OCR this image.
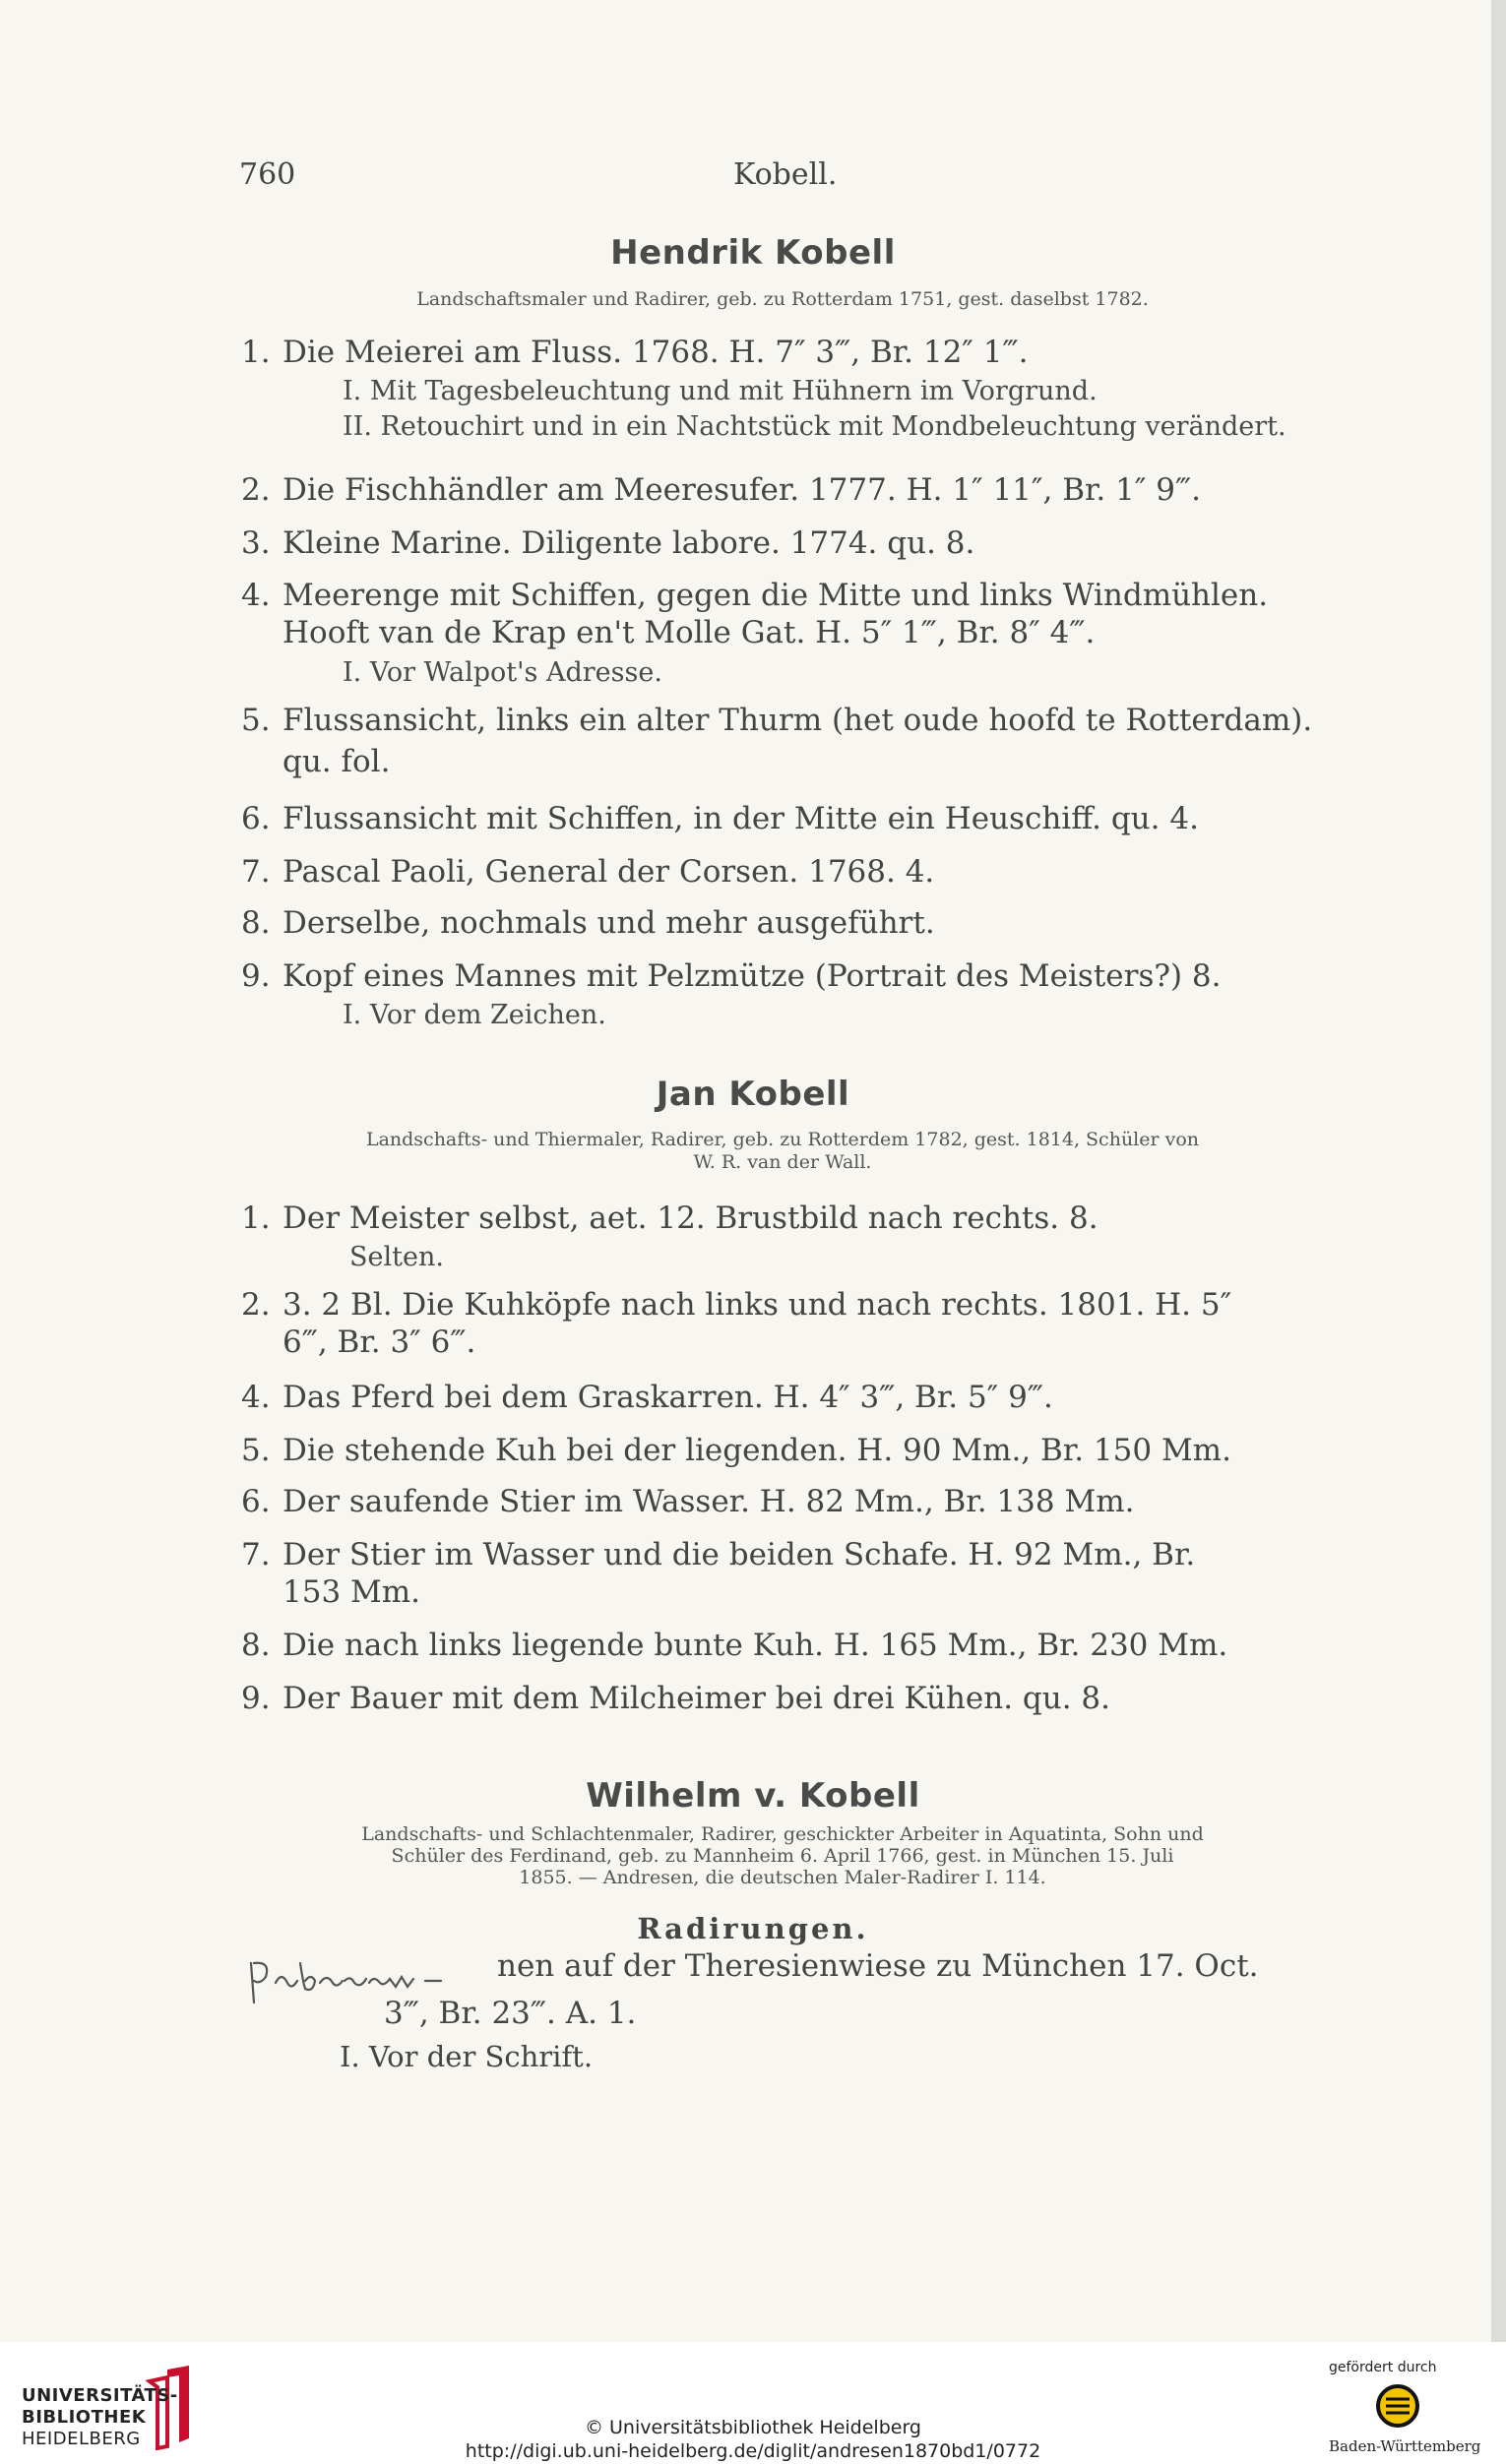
760	Kobell.
Hendrik Kobell
Landschaftsmaler und Radirer, geb. zu Rotterdam 1751, gest. daselbst 1782.
1. Die Meierei am Fluss. 1768. H. 7″ 3‴, Br. 12″ 1‴.
I. Mit Tagesbeleuchtung und mit Hühnern im Vorgrund.
II. Retouchirt und in ein Nachtstück mit Mondbeleuchtung verändert.
2. Die Fischhändler am Meeresufer. 1777. H. 1″ 11″, Br. 1″ 9‴.
3. Kleine Marine. Diligente labore. 1774. qu. 8.
4. Meerenge mit Schiffen, gegen die Mitte und links Windmühlen.
Hooft van de Krap en't Molle Gat. H. 5″ 1‴, Br. 8″ 4‴.
I. Vor Walpot's Adresse.
5. Flussansicht, links ein alter Thurm (het oude hoofd te Rotterdam).
qu. fol.
6. Flussansicht mit Schiffen, in der Mitte ein Heuschiff. qu. 4.
7. Pascal Paoli, General der Corsen. 1768. 4.
8. Derselbe, nochmals und mehr ausgeführt.
9. Kopf eines Mannes mit Pelzmütze (Portrait des Meisters?) 8.
I. Vor dem Zeichen.
Jan Kobell
Landschafts- und Thiermaler, Radirer, geb. zu Rotterdem 1782, gest. 1814, Schüler von
W. R. van der Wall.
1. Der Meister selbst, aet. 12. Brustbild nach rechts. 8.
Selten.
2. 3. 2 Bl. Die Kuhköpfe nach links und nach rechts. 1801. H. 5″
6‴, Br. 3″ 6‴.
4. Das Pferd bei dem Graskarren. H. 4″ 3‴, Br. 5″ 9‴.
5. Die stehende Kuh bei der liegenden. H. 90 Mm., Br. 150 Mm.
6. Der saufende Stier im Wasser. H. 82 Mm., Br. 138 Mm.
7. Der Stier im Wasser und die beiden Schafe. H. 92 Mm., Br.
153 Mm.
8. Die nach links liegende bunte Kuh. H. 165 Mm., Br. 230 Mm.
9. Der Bauer mit dem Milcheimer bei drei Kühen. qu. 8.
Wilhelm v. Kobell
Landschafts- und Schlachtenmaler, Radirer, geschickter Arbeiter in Aquatinta, Sohn und
Schüler des Ferdinand, geb. zu Mannheim 6. April 1766, gest. in München 15. Juli
1855. — Andresen, die deutschen Maler-Radirer I. 114.
Radirungen.
nen auf der Theresienwiese zu München 17. Oct.
3‴, Br. 23‴. A. 1.
I. Vor der Schrift.
UNIVERSITÄTS-
BIBLIOTHEK
HEIDELBERG
© Universitätsbibliothek Heidelberg
http://digi.ub.uni-heidelberg.de/diglit/andresen1870bd1/0772
gefördert durch
Baden-Württemberg
